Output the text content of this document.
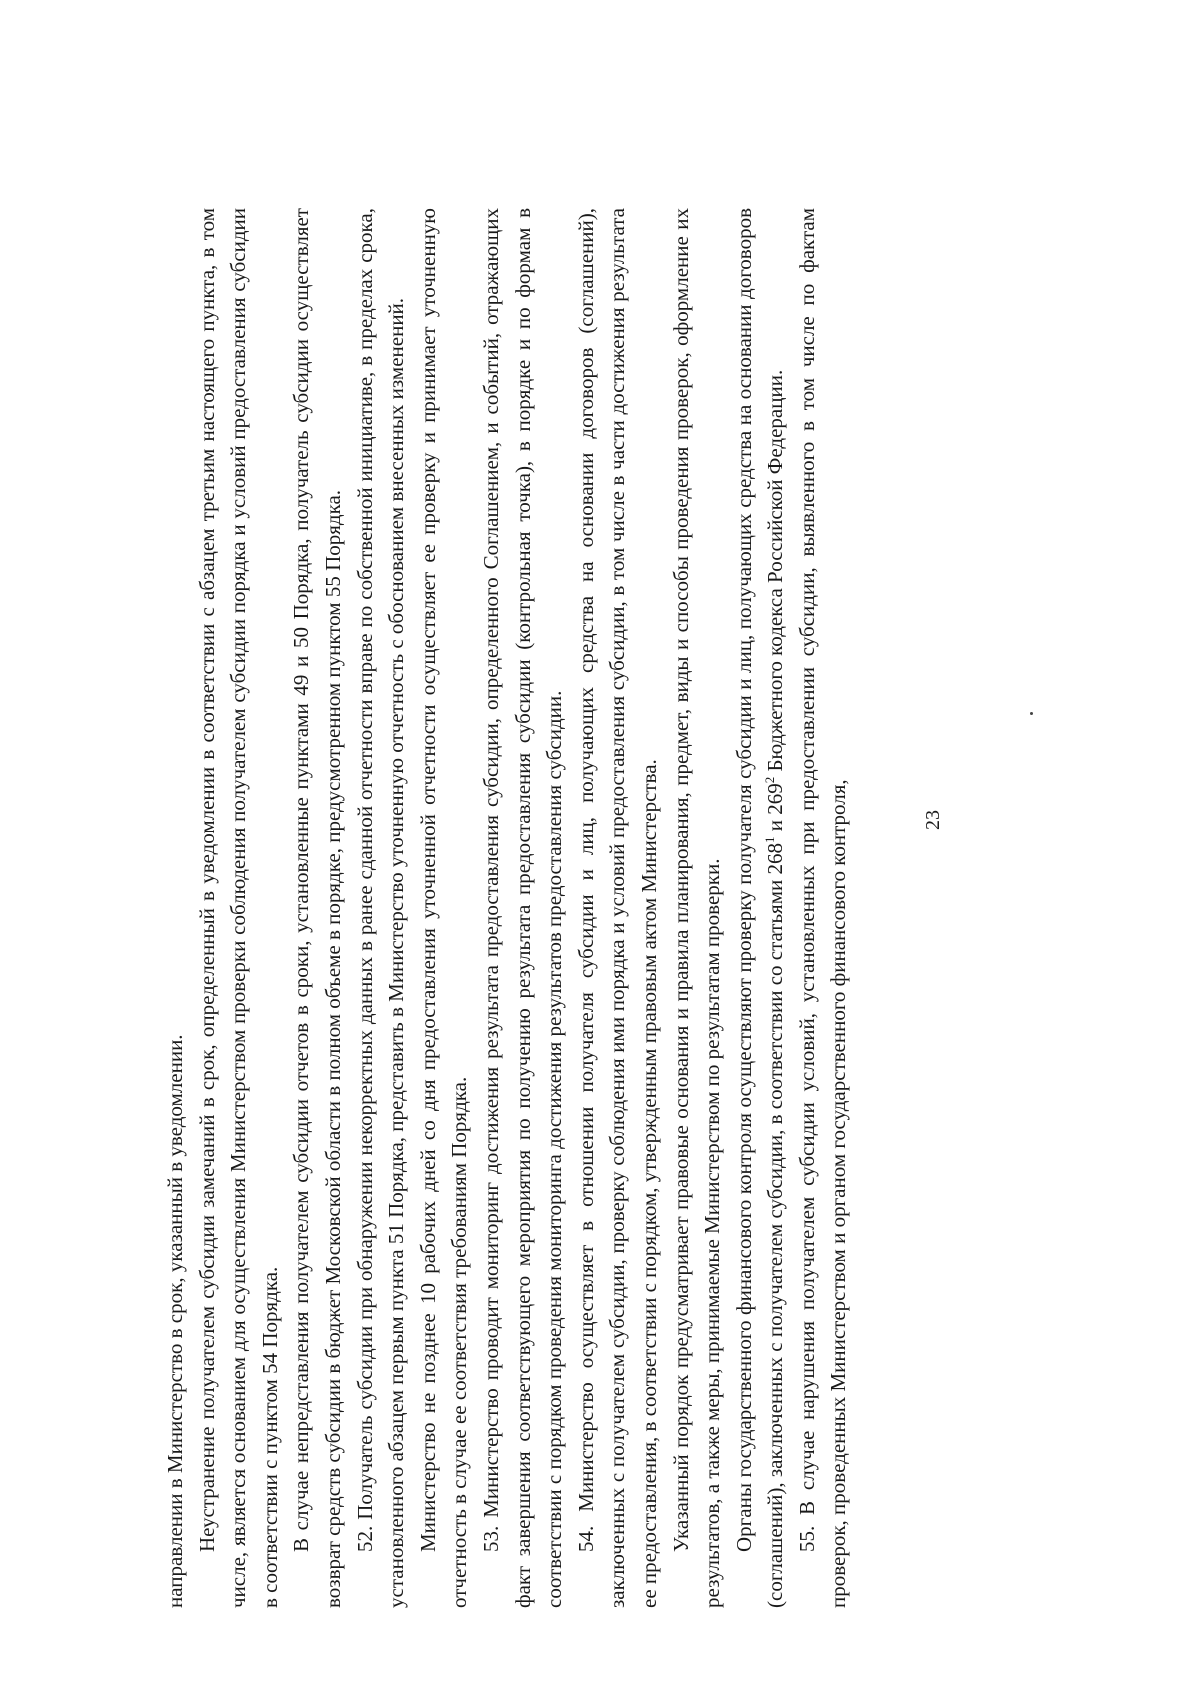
23

направлении в Министерство в срок, указанный в уведомлении. Неустранение получателем субсидии замечаний в срок, определенный в уведомлении в соответствии с абзацем третьим настоящего пункта, в том числе, является основанием для осуществления Министерством проверки соблюдения получателем субсидии порядка и условий предоставления субсидии в соответствии с пунктом 54 Порядка. В случае непредставления получателем субсидии отчетов в сроки, установленные пунктами 49 и 50 Порядка, получатель субсидии осуществляет возврат средств субсидии в бюджет Московской области в полном объеме в порядке, предусмотренном пунктом 55 Порядка. 52. Получатель субсидии при обнаружении некорректных данных в ранее сданной отчетности вправе по собственной инициативе, в пределах срока, установленного абзацем первым пункта 51 Порядка, представить в Министерство уточненную отчетность с обоснованием внесенных изменений. Министерство не позднее 10 рабочих дней со дня предоставления уточненной отчетности осуществляет ее проверку и принимает уточненную отчетность в случае ее соответствия требованиям Порядка. 53. Министерство проводит мониторинг достижения результата предоставления субсидии, определенного Соглашением, и событий, отражающих факт завершения соответствующего мероприятия по получению результата предоставления субсидии (контрольная точка), в порядке и по формам в соответствии с порядком проведения мониторинга достижения результатов предоставления субсидии. 54. Министерство осуществляет в отношении получателя субсидии и лиц, получающих средства на основании договоров (соглашений), заключенных с получателем субсидии, проверку соблюдения ими порядка и условий предоставления субсидии, в том числе в части достижения результата ее предоставления, в соответствии с порядком, утвержденным правовым актом Министерства. Указанный порядок предусматривает правовые основания и правила планирования, предмет, виды и способы проведения проверок, оформление их результатов, а также меры, принимаемые Министерством по результатам проверки. Органы государственного финансового контроля осуществляют проверку получателя субсидии и лиц, получающих средства на основании договоров (соглашений), заключенных с получателем субсидии, в соответствии со статьями $268^1$ и $269^2$ Бюджетного кодекса Российской Федерации. 55. В случае нарушения получателем субсидии условий, установленных при предоставлении субсидии, выявленного в том числе по фактам проверок, проведенных Министерством и органом государственного финансового контроля,
